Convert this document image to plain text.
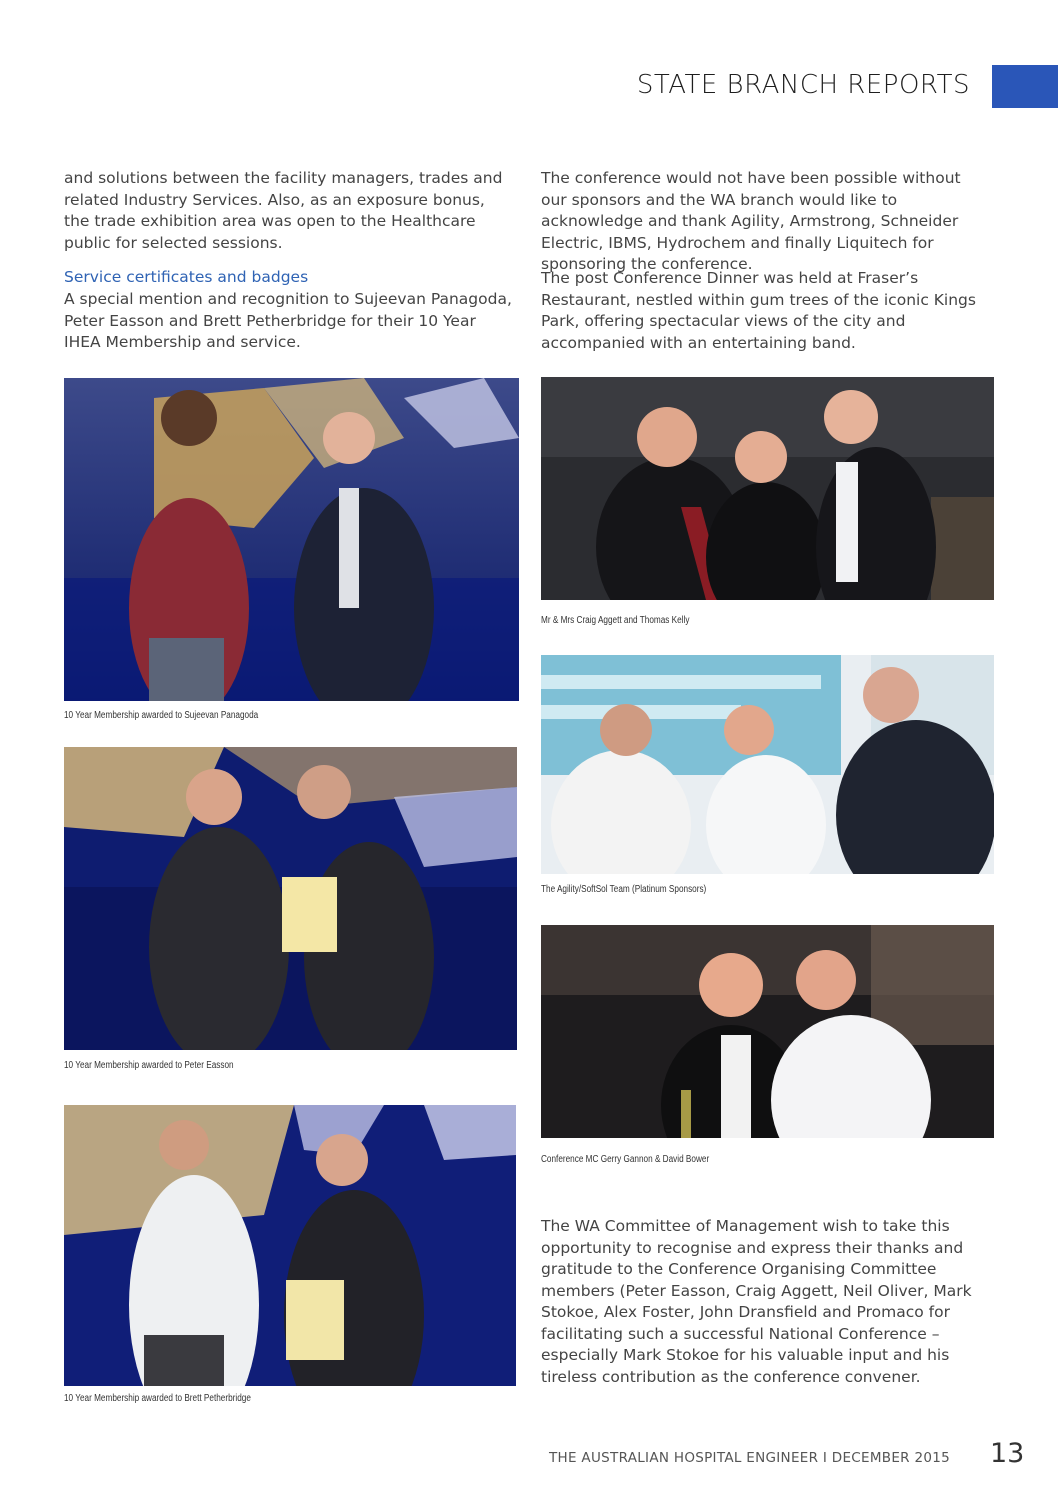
STATE BRANCH REPORTS

and solutions between the facility managers, trades and related Industry Services. Also, as an exposure bonus, the trade exhibition area was open to the Healthcare public for selected sessions.

Service certificates and badges

A special mention and recognition to Sujeevan Panagoda, Peter Easson and Brett Petherbridge for their 10 Year IHEA Membership and service.

The conference would not have been possible without our sponsors and the WA branch would like to acknowledge and thank Agility, Armstrong, Schneider Electric, IBMS, Hydrochem and finally Liquitech for sponsoring the conference.

The post Conference Dinner was held at Fraser’s Restaurant, nestled within gum trees of the iconic Kings Park, offering spectacular views of the city and accompanied with an entertaining band.

10 Year Membership awarded to Sujeevan Panagoda
10 Year Membership awarded to Peter Easson
10 Year Membership awarded to Brett Petherbridge
Mr & Mrs Craig Aggett and Thomas Kelly
The Agility/SoftSol Team (Platinum Sponsors)
Conference MC Gerry Gannon & David Bower

The WA Committee of Management wish to take this opportunity to recognise and express their thanks and gratitude to the Conference Organising Committee members (Peter Easson, Craig Aggett, Neil Oliver, Mark Stokoe, Alex Foster, John Dransfield and Promaco for facilitating such a successful National Conference – especially Mark Stokoe for his valuable input and his tireless contribution as the conference convener.

THE AUSTRALIAN HOSPITAL ENGINEER I DECEMBER 2015 13
